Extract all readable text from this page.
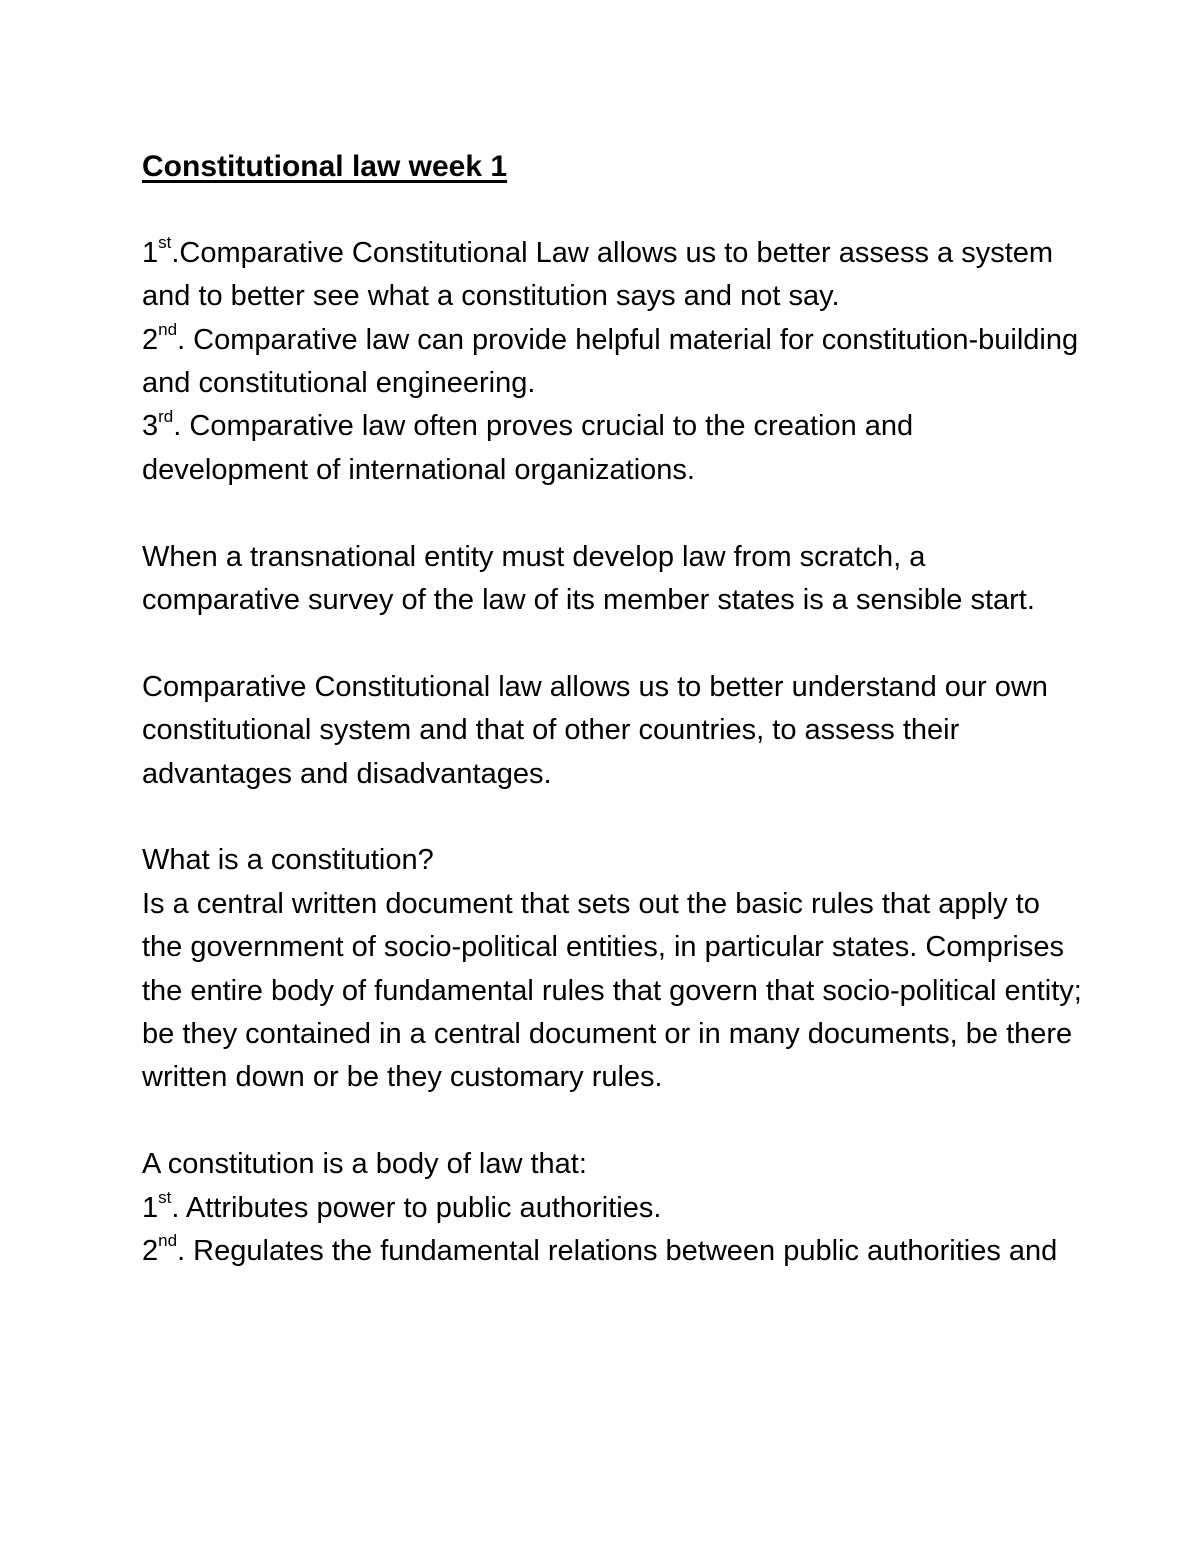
Constitutional law week 1

1st.Comparative Constitutional Law allows us to better assess a system and to better see what a constitution says and not say.

2nd. Comparative law can provide helpful material for constitution-building and constitutional engineering.

3rd. Comparative law often proves crucial to the creation and development of international organizations.

When a transnational entity must develop law from scratch, a comparative survey of the law of its member states is a sensible start.

Comparative Constitutional law allows us to better understand our own constitutional system and that of other countries, to assess their advantages and disadvantages.

What is a constitution?

Is a central written document that sets out the basic rules that apply to the government of socio-political entities, in particular states. Comprises the entire body of fundamental rules that govern that socio-political entity; be they contained in a central document or in many documents, be there written down or be they customary rules.

A constitution is a body of law that:

1st. Attributes power to public authorities.

2nd. Regulates the fundamental relations between public authorities and
